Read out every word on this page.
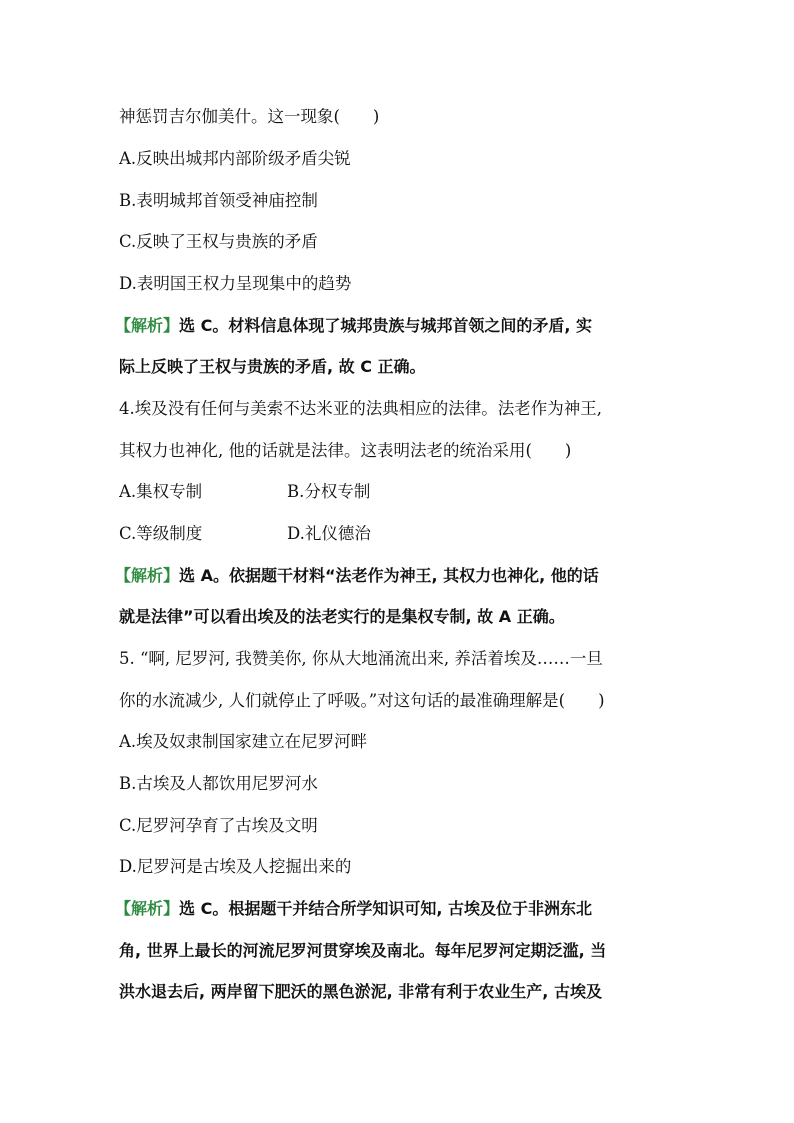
神惩罚吉尔伽美什。这一现象(　　)
A.反映出城邦内部阶级矛盾尖锐
B.表明城邦首领受神庙控制
C.反映了王权与贵族的矛盾
D.表明国王权力呈现集中的趋势
【解析】选 C。材料信息体现了城邦贵族与城邦首领之间的矛盾, 实
际上反映了王权与贵族的矛盾, 故 C 正确。
4.埃及没有任何与美索不达米亚的法典相应的法律。法老作为神王,
其权力也神化, 他的话就是法律。这表明法老的统治采用(　　)
A.集权专制	B.分权专制
C.等级制度	D.礼仪德治
【解析】选 A。依据题干材料“法老作为神王, 其权力也神化, 他的话
就是法律”可以看出埃及的法老实行的是集权专制, 故 A 正确。
5. “啊, 尼罗河, 我赞美你, 你从大地涌流出来, 养活着埃及……一旦
你的水流减少, 人们就停止了呼吸。”对这句话的最准确理解是(　　)
A.埃及奴隶制国家建立在尼罗河畔
B.古埃及人都饮用尼罗河水
C.尼罗河孕育了古埃及文明
D.尼罗河是古埃及人挖掘出来的
【解析】选 C。根据题干并结合所学知识可知, 古埃及位于非洲东北
角, 世界上最长的河流尼罗河贯穿埃及南北。每年尼罗河定期泛滥, 当
洪水退去后, 两岸留下肥沃的黑色淤泥, 非常有利于农业生产, 古埃及
